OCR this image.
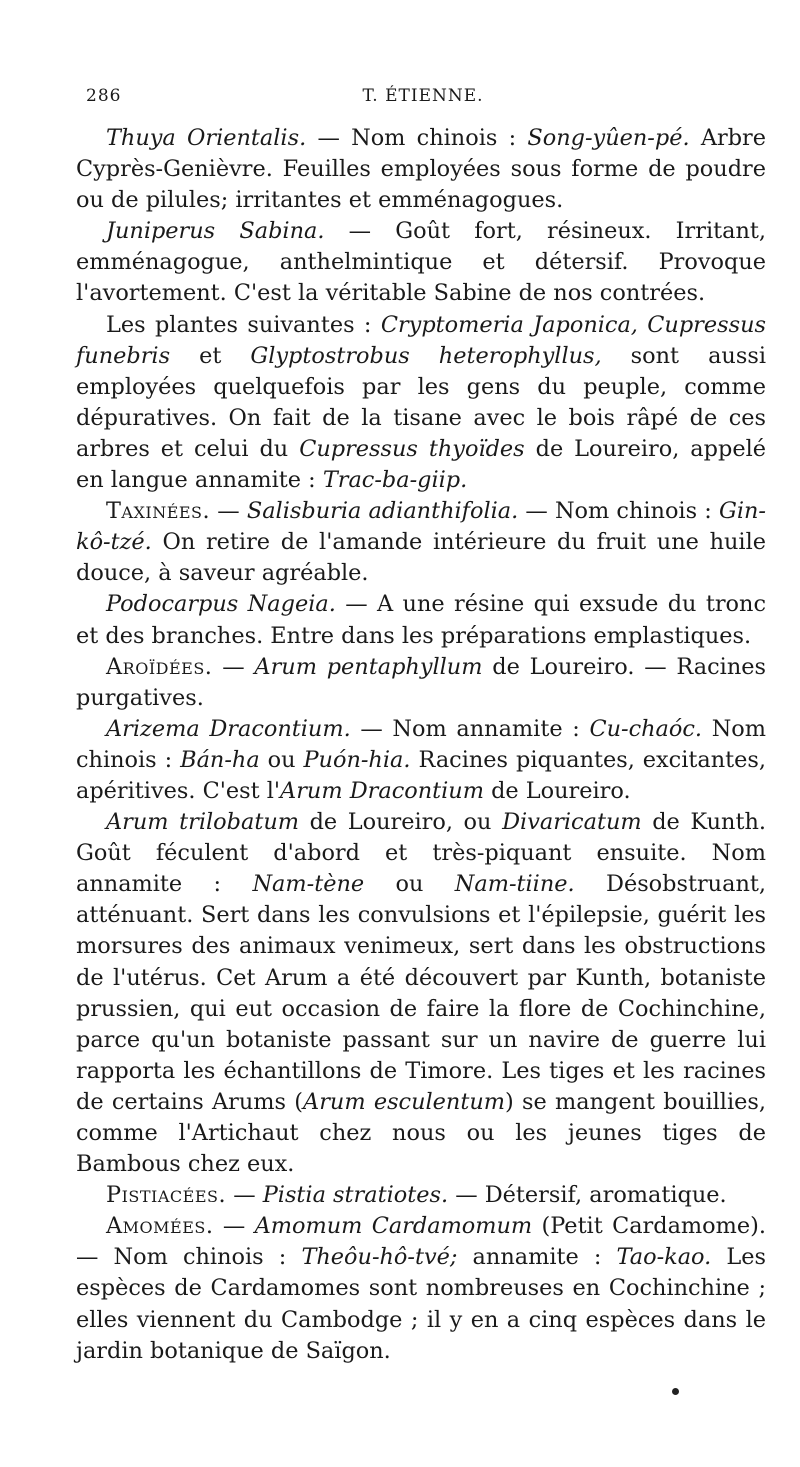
286	T. ÉTIENNE.

Thuya Orientalis. — Nom chinois : Song-yûen-pé. Arbre Cyprès-Genièvre. Feuilles employées sous forme de poudre ou de pilules; irritantes et emménagogues.

Juniperus Sabina. — Goût fort, résineux. Irritant, emménagogue, anthelmintique et détersif. Provoque l'avortement. C'est la véritable Sabine de nos contrées.

Les plantes suivantes : Cryptomeria Japonica, Cupressus funebris et Glyptostrobus heterophyllus, sont aussi employées quelquefois par les gens du peuple, comme dépuratives. On fait de la tisane avec le bois râpé de ces arbres et celui du Cupressus thyoïdes de Loureiro, appelé en langue annamite : Trac-ba-giip.

Taxinées. — Salisburia adianthifolia. — Nom chinois : Gin-kô-tzé. On retire de l'amande intérieure du fruit une huile douce, à saveur agréable.

Podocarpus Nageia. — A une résine qui exsude du tronc et des branches. Entre dans les préparations emplastiques.

Aroïdées. — Arum pentaphyllum de Loureiro. — Racines purgatives.

Arizema Dracontium. — Nom annamite : Cu-chaóc. Nom chinois : Bán-ha ou Puón-hia. Racines piquantes, excitantes, apéritives. C'est l'Arum Dracontium de Loureiro.

Arum trilobatum de Loureiro, ou Divaricatum de Kunth. Goût féculent d'abord et très-piquant ensuite. Nom annamite : Nam-tène ou Nam-tiine. Désobstruant, atténuant. Sert dans les convulsions et l'épilepsie, guérit les morsures des animaux venimeux, sert dans les obstructions de l'utérus. Cet Arum a été découvert par Kunth, botaniste prussien, qui eut occasion de faire la flore de Cochinchine, parce qu'un botaniste passant sur un navire de guerre lui rapporta les échantillons de Timore. Les tiges et les racines de certains Arums (Arum esculentum) se mangent bouillies, comme l'Artichaut chez nous ou les jeunes tiges de Bambous chez eux.

Pistiacées. — Pistia stratiotes. — Détersif, aromatique.

Amomées. — Amomum Cardamomum (Petit Cardamome). — Nom chinois : Theôu-hô-tvé; annamite : Tao-kao. Les espèces de Cardamomes sont nombreuses en Cochinchine ; elles viennent du Cambodge ; il y en a cinq espèces dans le jardin botanique de Saïgon.
